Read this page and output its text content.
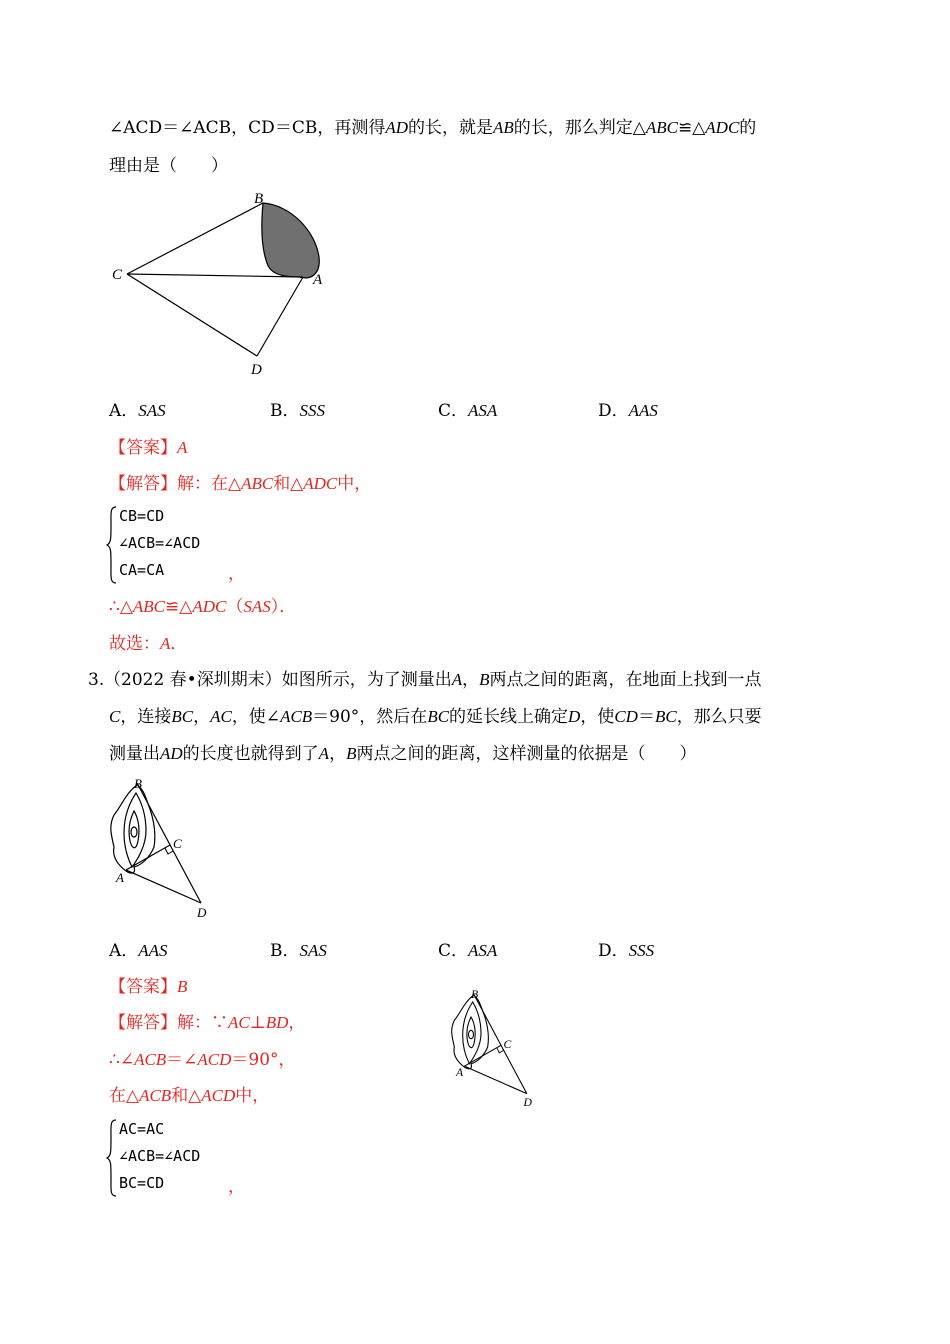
∠ACD＝∠ACB，CD＝CB，再测得AD的长，就是AB的长，那么判定△ABC≌△ADC的
理由是（　　）
B
C	A
D
A．SAS	B．SSS	C．ASA	D．AAS
【答案】A
【解答】解：在△ABC和△ADC中，
CB=CD
∠ACB=∠ACD
CA=CA	，
∴△ABC≌△ADC（SAS）．
故选：A．
3. （2022 春•深圳期末）如图所示，为了测量出A，B两点之间的距离，在地面上找到一点
C，连接BC，AC，使∠ACB＝90°，然后在BC的延长线上确定D，使CD＝BC，那么只要
测量出AD的长度也就得到了A，B两点之间的距离，这样测量的依据是（　　）
B
C
A
D
A．AAS	B．SAS	C．ASA	D．SSS
【答案】B
【解答】解：∵AC⊥BD，
∴∠ACB＝∠ACD＝90°，
在△ACB和△ACD中，
B
C
A
D
AC=AC
∠ACB=∠ACD
BC=CD	，
